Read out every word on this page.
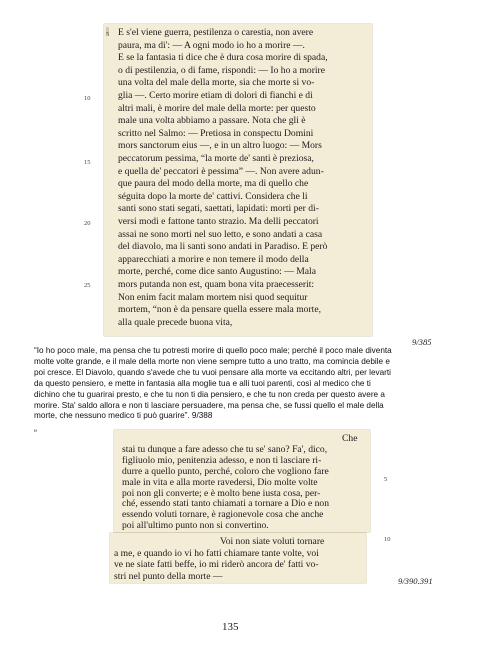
E s'el viene guerra, pestilenza o carestia, non avere
paura, ma di': — A ogni modo io ho a morire —.
E se la fantasia ti dice che è dura cosa morire di spada,
o di pestilenzia, o di fame, rispondi: — Io ho a morire
una volta del male della morte, sia che morte si vo-
glia —. Certo morire etiam di dolori di fianchi e di
altri mali, è morire del male della morte: per questo
male una volta abbiamo a passare. Nota che gli è
scritto nel Salmo: — Pretiosa in conspectu Domini
mors sanctorum eius —, e in un altro luogo: — Mors
peccatorum pessima, “la morte de' santi è preziosa,
e quella de' peccatori è pessima” —. Non avere adun-
que paura del modo della morte, ma di quello che
séguita dopo la morte de' cattivi. Considera che li
santi sono stati segati, saettati, lapidati: morti per di-
versi modi e fattone tanto strazio. Ma delli peccatori
assai ne sono morti nel suo letto, e sono andati a casa
del diavolo, ma li santi sono andati in Paradiso. E però
apparecchiati a morire e non temere il modo della
morte, perché, come dice santo Augustino: — Mala
mors putanda non est, quam bona vita praecesserit:
Non enim facit malam mortem nisi quod sequitur
mortem, “non è da pensare quella essere mala morte,
alla quale precede buona vita,
5
10
15
20
25
9/385
“Io ho poco male, ma pensa che tu potresti morire di quello poco male; perché il poco male diventa
molte volte grande, e il male della morte non viene sempre tutto a uno tratto, ma comincia debile e
poi cresce. El Diavolo, quando s'avede che tu vuoi pensare alla morte va eccitando altri, per levarti
da questo pensiero, e mette in fantasia alla moglie tua e alli tuoi parenti, così al medico che ti
dichino che tu guarirai presto, e che tu non ti dia pensiero, e che tu non creda per questo avere a
morire. Sta' saldo allora e non ti lasciare persuadere, ma pensa che, se fussi quello el male della
morte, che nessuno medico ti può guarire”. 9/388
“	Che
stai tu dunque a fare adesso che tu se' sano? Fa', dico,
figliuolo mio, penitenzia adesso, e non ti lasciare ri-
durre a quello punto, perché, coloro che vogliono fare
male in vita e alla morte ravedersi, Dio molte volte
poi non gli converte; e è molto bene iusta cosa, per-
ché, essendo stati tanto chiamati a tornare a Dio e non
essendo voluti tornare, è ragionevole cosa che anche
poi all'ultimo punto non si convertino.
5
10
Voi non siate voluti tornare
a me, e quando io vi ho fatti chiamare tante volte, voi
ve ne siate fatti beffe, io mi riderò ancora de' fatti vo-
stri nel punto della morte —	9/390.391
135
